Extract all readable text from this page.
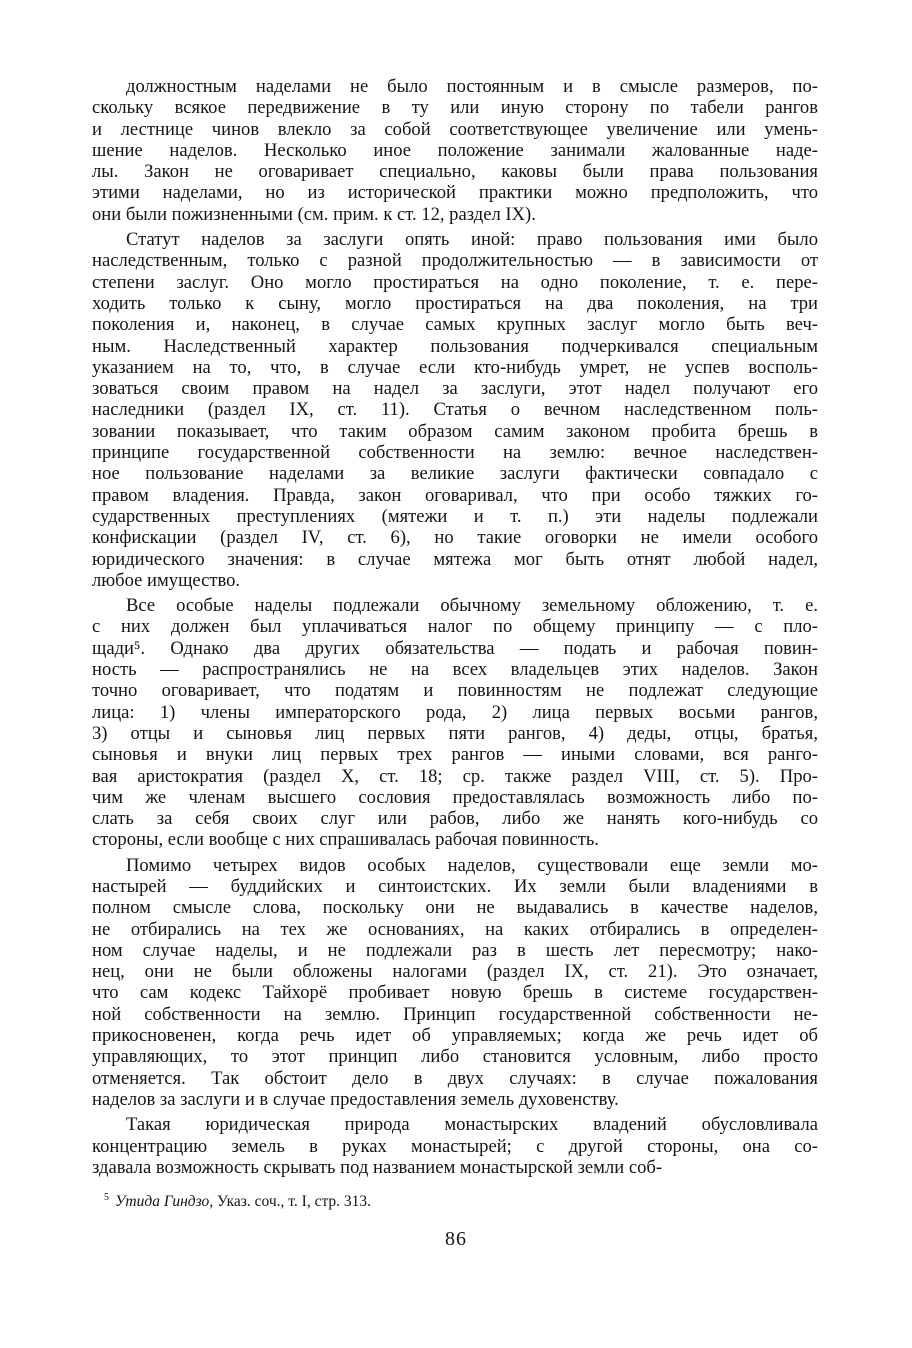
должностным наделами не было постоянным и в смысле размеров, по-
скольку всякое передвижение в ту или иную сторону по табели рангов
и лестнице чинов влекло за собой соответствующее увеличение или умень-
шение наделов. Несколько иное положение занимали жалованные наде-
лы. Закон не оговаривает специально, каковы были права пользования
этими наделами, но из исторической практики можно предположить, что
они были пожизненными (см. прим. к ст. 12, раздел IX).
Статут наделов за заслуги опять иной: право пользования ими было
наследственным, только с разной продолжительностью — в зависимости от
степени заслуг. Оно могло простираться на одно поколение, т. е. пере-
ходить только к сыну, могло простираться на два поколения, на три
поколения и, наконец, в случае самых крупных заслуг могло быть веч-
ным. Наследственный характер пользования подчеркивался специальным
указанием на то, что, в случае если кто-нибудь умрет, не успев восполь-
зоваться своим правом на надел за заслуги, этот надел получают его
наследники (раздел IX, ст. 11). Статья о вечном наследственном поль-
зовании показывает, что таким образом самим законом пробита брешь в
принципе государственной собственности на землю: вечное наследствен-
ное пользование наделами за великие заслуги фактически совпадало с
правом владения. Правда, закон оговаривал, что при особо тяжких го-
сударственных преступлениях (мятежи и т. п.) эти наделы подлежали
конфискации (раздел IV, ст. 6), но такие оговорки не имели особого
юридического значения: в случае мятежа мог быть отнят любой надел,
любое имущество.
Все особые наделы подлежали обычному земельному обложению, т. е.
с них должен был уплачиваться налог по общему принципу — с пло-
щади⁵. Однако два других обязательства — подать и рабочая повин-
ность — распространялись не на всех владельцев этих наделов. Закон
точно оговаривает, что податям и повинностям не подлежат следующие
лица: 1) члены императорского рода, 2) лица первых восьми рангов,
3) отцы и сыновья лиц первых пяти рангов, 4) деды, отцы, братья,
сыновья и внуки лиц первых трех рангов — иными словами, вся ранго-
вая аристократия (раздел X, ст. 18; ср. также раздел VIII, ст. 5). Про-
чим же членам высшего сословия предоставлялась возможность либо по-
слать за себя своих слуг или рабов, либо же нанять кого-нибудь со
стороны, если вообще с них спрашивалась рабочая повинность.
Помимо четырех видов особых наделов, существовали еще земли мо-
настырей — буддийских и синтоистских. Их земли были владениями в
полном смысле слова, поскольку они не выдавались в качестве наделов,
не отбирались на тех же основаниях, на каких отбирались в определен-
ном случае наделы, и не подлежали раз в шесть лет пересмотру; нако-
нец, они не были обложены налогами (раздел IX, ст. 21). Это означает,
что сам кодекс Тайхорё пробивает новую брешь в системе государствен-
ной собственности на землю. Принцип государственной собственности не-
прикосновенен, когда речь идет об управляемых; когда же речь идет об
управляющих, то этот принцип либо становится условным, либо просто
отменяется. Так обстоит дело в двух случаях: в случае пожалования
наделов за заслуги и в случае предоставления земель духовенству.
Такая юридическая природа монастырских владений обусловливала
концентрацию земель в руках монастырей; с другой стороны, она со-
здавала возможность скрывать под названием монастырской земли соб-
$^5$ Утида Гиндзо, Указ. соч., т. I, стр. 313.
86
